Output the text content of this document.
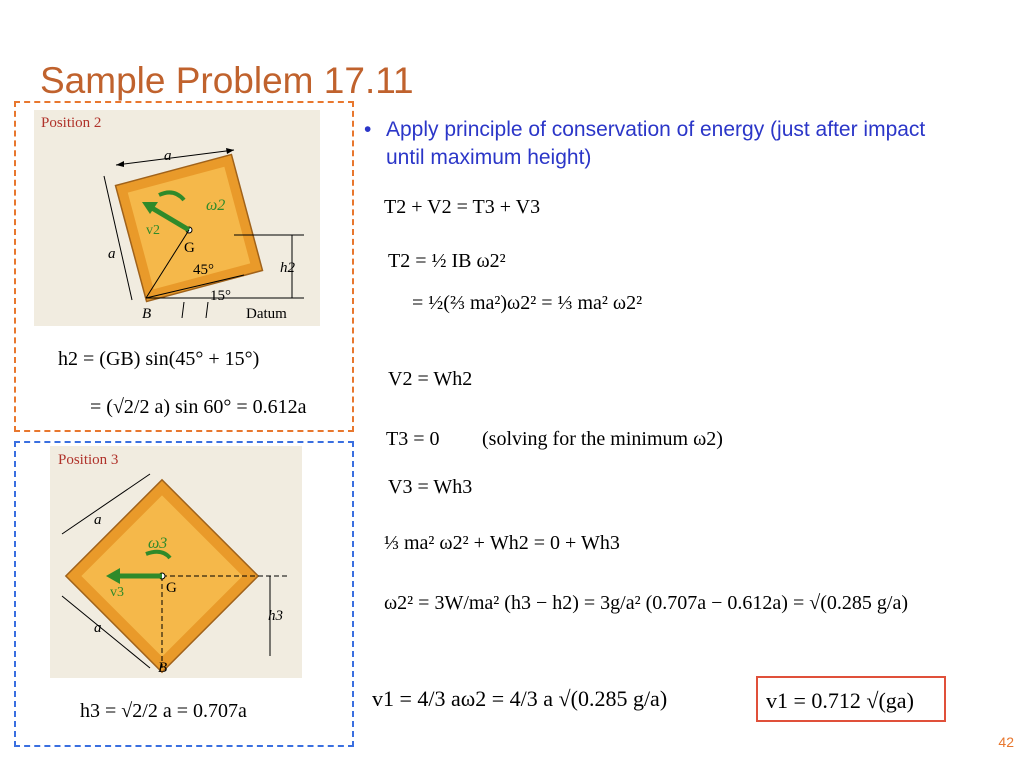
Sample Problem 17.11
Position 2
a
a
ω2
v2
G
45°
15°
h2
B	Datum
h2 = (GB) sin(45° + 15°)
= (√2/2 a) sin 60° = 0.612a
Position 3
a
a
ω3
v3	G
h3
B
h3 = √2/2 a = 0.707a
• Apply principle of conservation of energy (just after impact until maximum height)
T2 + V2 = T3 + V3
T2 = ½ IB ω2²
= ½(⅔ ma²)ω2² = ⅓ ma² ω2²
V2 = Wh2
T3 = 0 (solving for the minimum ω2)
V3 = Wh3
⅓ ma² ω2² + Wh2 = 0 + Wh3
ω2² = 3W/ma² (h3 − h2) = 3g/a² (0.707a − 0.612a) = √(0.285 g/a)
v1 = 4/3 aω2 = 4/3 a √(0.285 g/a)	v1 = 0.712 √(ga)
42
